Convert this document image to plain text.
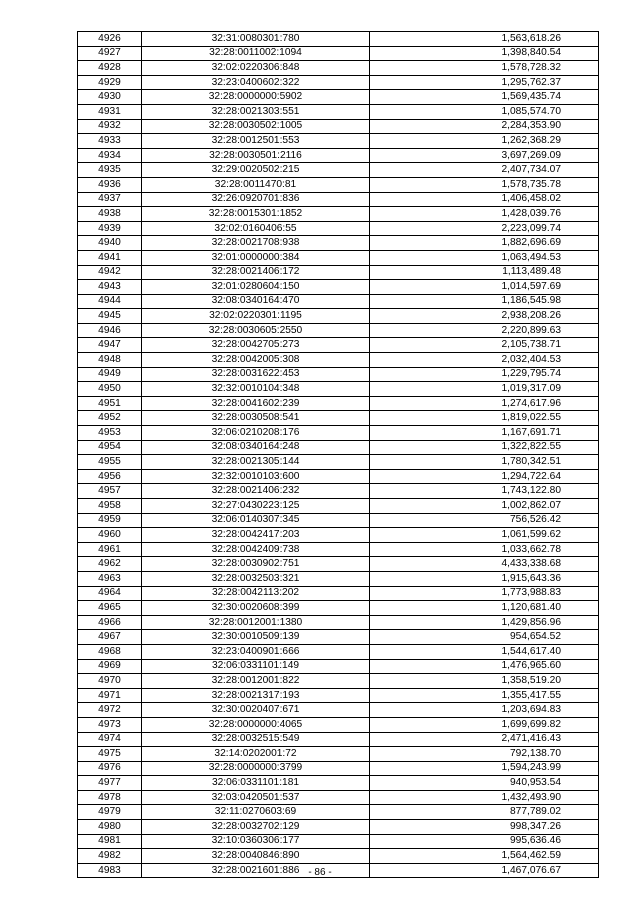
4926	32:31:0080301:780	1,563,618.26
4927	32:28:0011002:1094	1,398,840.54
4928	32:02:0220306:848	1,578,728.32
4929	32:23:0400602:322	1,295,762.37
4930	32:28:0000000:5902	1,569,435.74
4931	32:28:0021303:551	1,085,574.70
4932	32:28:0030502:1005	2,284,353.90
4933	32:28:0012501:553	1,262,368.29
4934	32:28:0030501:2116	3,697,269.09
4935	32:29:0020502:215	2,407,734.07
4936	32:28:0011470:81	1,578,735.78
4937	32:26:0920701:836	1,406,458.02
4938	32:28:0015301:1852	1,428,039.76
4939	32:02:0160406:55	2,223,099.74
4940	32:28:0021708:938	1,882,696.69
4941	32:01:0000000:384	1,063,494.53
4942	32:28:0021406:172	1,113,489.48
4943	32:01:0280604:150	1,014,597.69
4944	32:08:0340164:470	1,186,545.98
4945	32:02:0220301:1195	2,938,208.26
4946	32:28:0030605:2550	2,220,899.63
4947	32:28:0042705:273	2,105,738.71
4948	32:28:0042005:308	2,032,404.53
4949	32:28:0031622:453	1,229,795.74
4950	32:32:0010104:348	1,019,317.09
4951	32:28:0041602:239	1,274,617.96
4952	32:28:0030508:541	1,819,022.55
4953	32:06:0210208:176	1,167,691.71
4954	32:08:0340164:248	1,322,822.55
4955	32:28:0021305:144	1,780,342.51
4956	32:32:0010103:600	1,294,722.64
4957	32:28:0021406:232	1,743,122.80
4958	32:27:0430223:125	1,002,862.07
4959	32:06:0140307:345	756,526.42
4960	32:28:0042417:203	1,061,599.62
4961	32:28:0042409:738	1,033,662.78
4962	32:28:0030902:751	4,433,338.68
4963	32:28:0032503:321	1,915,643.36
4964	32:28:0042113:202	1,773,988.83
4965	32:30:0020608:399	1,120,681.40
4966	32:28:0012001:1380	1,429,856.96
4967	32:30:0010509:139	954,654.52
4968	32:23:0400901:666	1,544,617.40
4969	32:06:0331101:149	1,476,965.60
4970	32:28:0012001:822	1,358,519.20
4971	32:28:0021317:193	1,355,417.55
4972	32:30:0020407:671	1,203,694.83
4973	32:28:0000000:4065	1,699,699.82
4974	32:28:0032515:549	2,471,416.43
4975	32:14:0202001:72	792,138.70
4976	32:28:0000000:3799	1,594,243.99
4977	32:06:0331101:181	940,953.54
4978	32:03:0420501:537	1,432,493.90
4979	32:11:0270603:69	877,789.02
4980	32:28:0032702:129	998,347.26
4981	32:10:0360306:177	995,636.46
4982	32:28:0040846:890	1,564,462.59
4983	32:28:0021601:886	1,467,076.67
- 86 -
